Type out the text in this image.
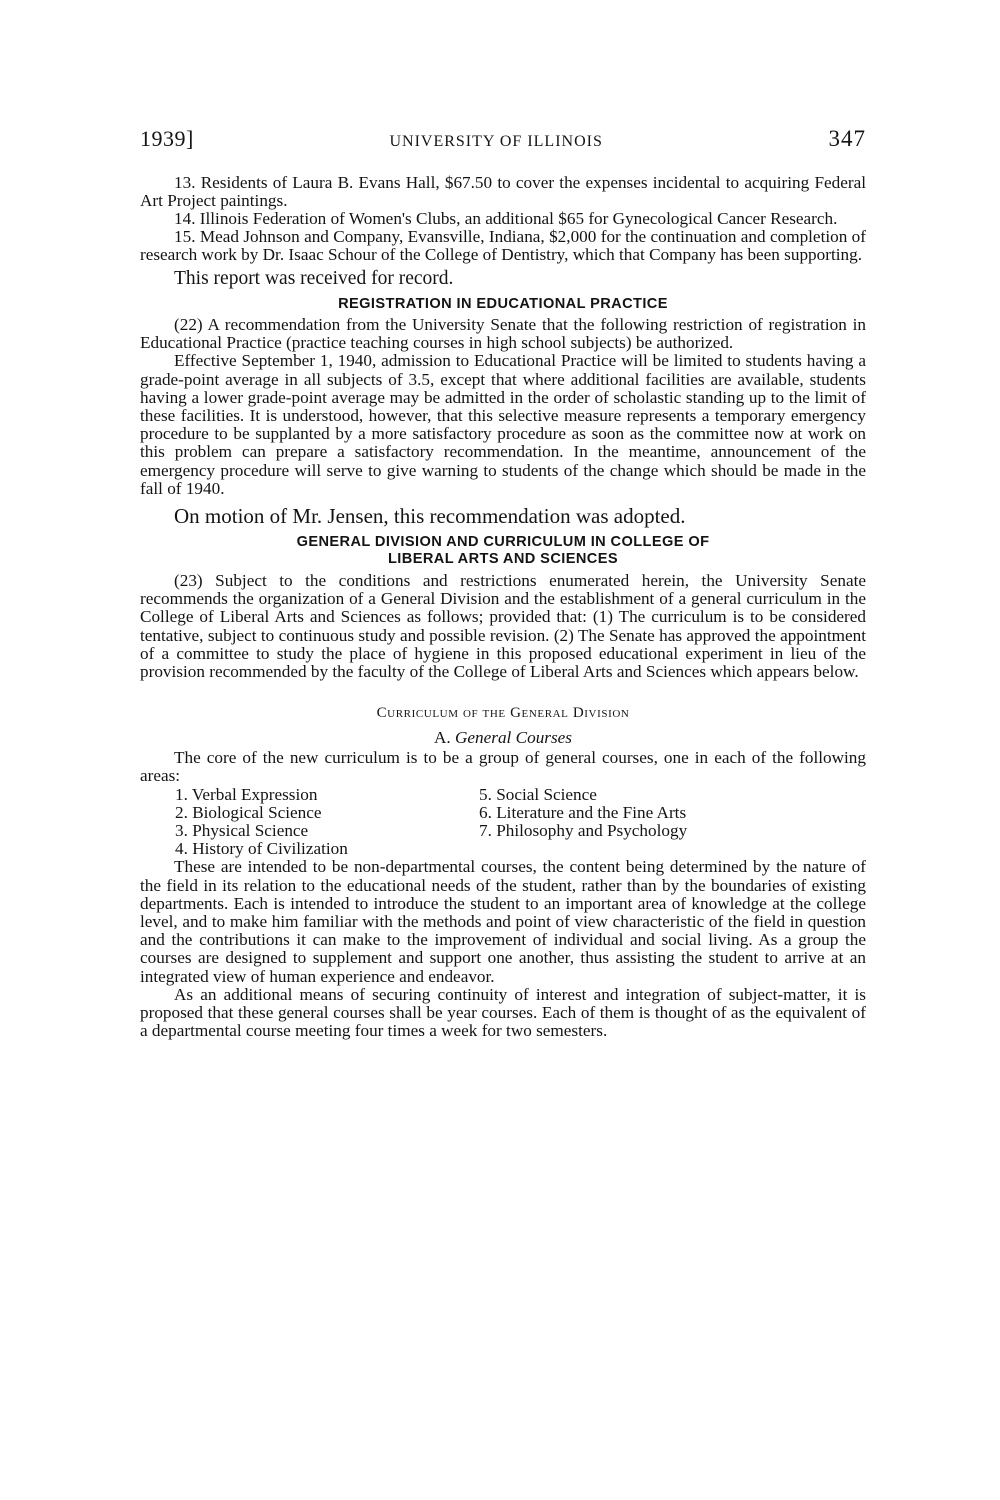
1939]	UNIVERSITY OF ILLINOIS	347

13. Residents of Laura B. Evans Hall, $67.50 to cover the expenses incidental to acquiring Federal Art Project paintings.

14. Illinois Federation of Women's Clubs, an additional $65 for Gynecological Cancer Research.

15. Mead Johnson and Company, Evansville, Indiana, $2,000 for the continuation and completion of research work by Dr. Isaac Schour of the College of Dentistry, which that Company has been supporting.

This report was received for record.

REGISTRATION IN EDUCATIONAL PRACTICE

(22) A recommendation from the University Senate that the following restriction of registration in Educational Practice (practice teaching courses in high school subjects) be authorized.

Effective September 1, 1940, admission to Educational Practice will be limited to students having a grade-point average in all subjects of 3.5, except that where additional facilities are available, students having a lower grade-point average may be admitted in the order of scholastic standing up to the limit of these facilities. It is understood, however, that this selective measure represents a temporary emergency procedure to be supplanted by a more satisfactory procedure as soon as the committee now at work on this problem can prepare a satisfactory recommendation. In the meantime, announcement of the emergency procedure will serve to give warning to students of the change which should be made in the fall of 1940.

On motion of Mr. Jensen, this recommendation was adopted.

GENERAL DIVISION AND CURRICULUM IN COLLEGE OF
LIBERAL ARTS AND SCIENCES

(23) Subject to the conditions and restrictions enumerated herein, the University Senate recommends the organization of a General Division and the establishment of a general curriculum in the College of Liberal Arts and Sciences as follows; provided that: (1) The curriculum is to be considered tentative, subject to continuous study and possible revision. (2) The Senate has approved the appointment of a committee to study the place of hygiene in this proposed educational experiment in lieu of the provision recommended by the faculty of the College of Liberal Arts and Sciences which appears below.

Curriculum of the General Division
A. General Courses

The core of the new curriculum is to be a group of general courses, one in each of the following areas:

1. Verbal Expression
2. Biological Science
3. Physical Science
4. History of Civilization
5. Social Science
6. Literature and the Fine Arts
7. Philosophy and Psychology

These are intended to be non-departmental courses, the content being determined by the nature of the field in its relation to the educational needs of the student, rather than by the boundaries of existing departments. Each is intended to introduce the student to an important area of knowledge at the college level, and to make him familiar with the methods and point of view characteristic of the field in question and the contributions it can make to the improvement of individual and social living. As a group the courses are designed to supplement and support one another, thus assisting the student to arrive at an integrated view of human experience and endeavor.

As an additional means of securing continuity of interest and integration of subject-matter, it is proposed that these general courses shall be year courses. Each of them is thought of as the equivalent of a departmental course meeting four times a week for two semesters.
